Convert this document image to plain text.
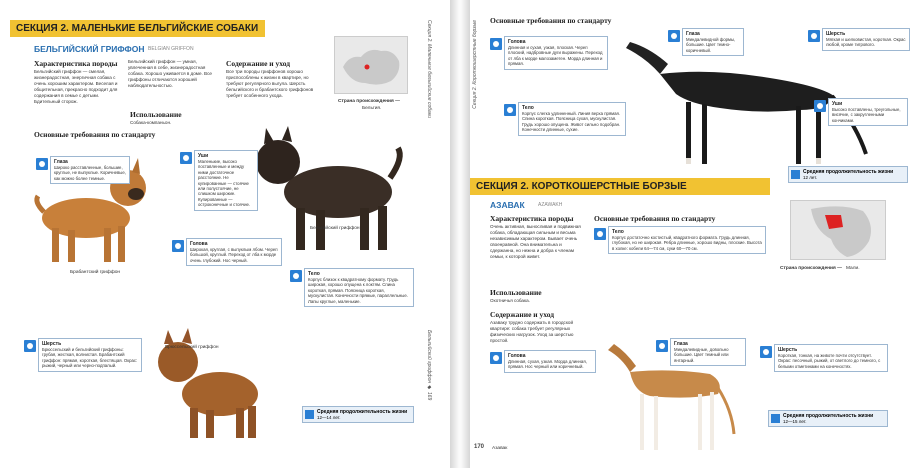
СЕКЦИЯ 2. МАЛЕНЬКИЕ БЕЛЬГИЙСКИЕ СОБАКИ	Секция 2. Маленькие бельгийские собаки
Бельгийский гриффон ◆ 169
БЕЛЬГИЙСКИЙ ГРИФФОН BELGIAN GRIFFON
Характеристика породы
Бельгийский гриффон — смелая, жизнерадостная, энергичная собака с очень хорошим характером. Веселая и общительная, прекрасно подходит для содержания в семье с детьми. Бдительный сторож.
Бельгийский гриффон — умная, увлеченная в себе, жизнерадостная собака. Хорошо уживается в доме. Все гриффоны отличаются хорошей наблюдательностью.
Содержание и уход
Все три породы гриффонов хорошо приспособлены к жизни в квартире, но требуют регулярного выгула. Шерсть бельгийского и брабантского гриффонов требует особенного ухода.
Использование
Собака-компаньон.
Страна происхождения —
Бельгия.
Основные требования по стандарту
Брабантский гриффон
Бельгийский гриффон
Брюссельский гриффон
Глаза
Широко расставленные, большие, круглые, не выпуклые. Коричневые, как можно более темные.
Уши
Маленькие, высоко поставленные и между ними достаточное расстояние. Не купированные — стоячие или полустоячие, не слишком широкие. Купированные — остроконечные и стоячие.
Голова
Широкая, круглая, с выпуклым лбом. Череп большой, круглый. Переход от лба к морде очень глубокий. Нос черный.
Тело
Корпус близок к квадратному формату. Грудь широкая, хорошо опущена к локтям. Спина короткая, прямая. Поясница короткая, мускулистая. Конечности прямые, параллельные. Лапы круглые, маленькие.
Шерсть
Брюссельский и бельгийский гриффоны: грубая, жесткая, волнистая. Брабантский гриффон: прямая, короткая, блестящая. Окрас: рыжий, черный или черно-подпалый.
Средняя продолжительность жизни
12—14 лет.
Секция 2. Короткошерстные борзые
170 Азавак
Основные требования по стандарту
Голова
Длинная и сухая, узкая, плоская. Череп плоский, надбровные дуги выражены. Переход от лба к морде малозаметен. Морда длинная и прямая.
Глаза
Миндалевидной формы, большие. Цвет темно-коричневый.
Шерсть
Мягкая и шелковистая, короткая. Окрас любой, кроме тигрового.
Тело
Корпус слегка удлиненный. Линия верха прямая. Спина короткая. Поясница сухая, мускулистая. Грудь хорошо опущена. Живот сильно подобран. Конечности длинные, сухие.
Уши
Высоко поставлены, треугольные, висячие, с закругленными кончиками.
Средняя продолжительность жизни
12 лет.
СЕКЦИЯ 2. КОРОТКОШЕРСТНЫЕ БОРЗЫЕ
АЗАВАК	AZAWAKH
Характеристика породы
Очень активная, выносливая и подвижная собака, обладающая сильным и весьма независимым характером. Бывает очень своенравной. Она внимательна и сдержанна, но нежна и добра к членам семьи, к которой живет.
Использование
Охотничья собака.
Содержание и уход
Азаваку трудно содержать в городской квартире: собака требует регулярных физических нагрузок. Уход за шерстью простой.
Основные требования по стандарту
Тело
Корпус достаточно костистый, квадратного формата. Грудь длинная, глубокая, но не широкая. Ребра длинные, хорошо видны, плоские. Высота в холке: кобели 64—74 см, суки 60—70 см.
Страна происхождения — Мали.
Голова
Длинная, сухая, узкая. Морда длинная, прямая. Нос черный или коричневый.
Глаза
Миндалевидные, довольно большие. Цвет темный или янтарный.
Шерсть
Короткая, тонкая, на животе почти отсутствует. Окрас: песочный, рыжий, от светлого до темного, с белыми отметинами на конечностях.
Средняя продолжительность жизни
12—15 лет.
